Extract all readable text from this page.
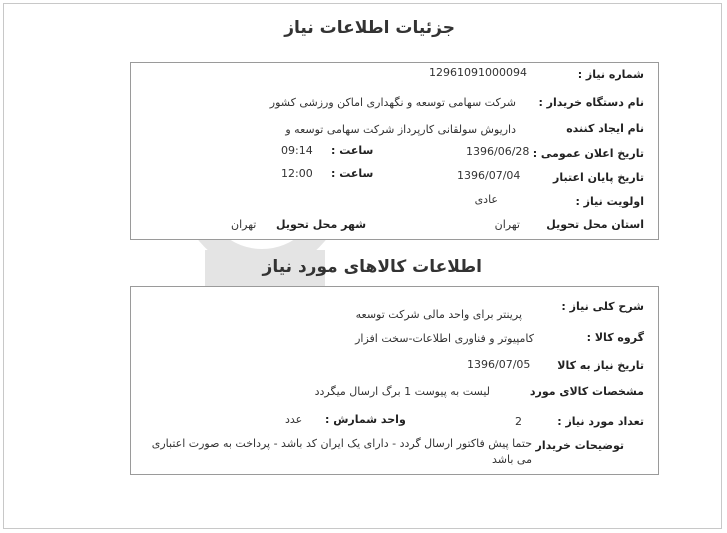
جزئیات اطلاعات نیاز
شماره نیاز :
12961091000094
نام دستگاه خریدار :
شرکت سهامی توسعه و نگهداری اماکن ورزشی کشور
نام ایجاد کننده
داریوش سولقانی کارپرداز شرکت سهامی توسعه و
تاریخ اعلان عمومی :
1396/06/28
ساعت :
09:14
تاریخ پایان اعتبار
1396/07/04
ساعت :
12:00
اولویت نیاز :
عادی
استان محل تحویل
تهران
شهر محل تحویل
تهران
اطلاعات کالاهای مورد نیاز
شرح کلی نیاز :
پرینتر برای واحد مالی شرکت توسعه
گروه کالا :
کامپیوتر و فناوری اطلاعات-سخت افزار
تاریخ نیاز به کالا
1396/07/05
مشخصات کالای مورد
لیست به پیوست 1 برگ ارسال میگردد
تعداد مورد نیاز :
2
واحد شمارش :
عدد
توضیحات خریدار
حتما پیش فاکتور ارسال گردد - دارای یک ایران کد باشد - پرداخت به صورت اعتباری
می باشد
